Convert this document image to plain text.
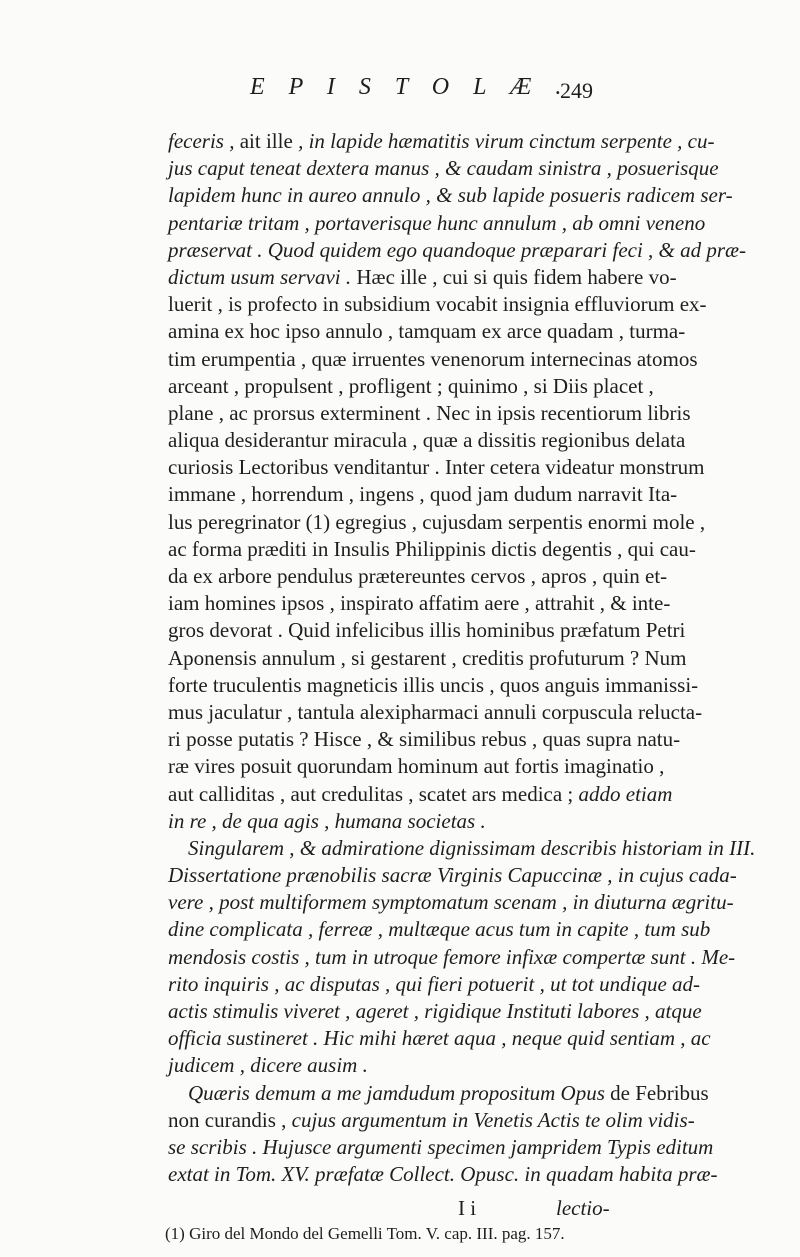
E P I S T O L Æ .
249
feceris , ait ille , in lapide hæmatitis virum cinctum serpente , cu-
jus caput teneat dextera manus , & caudam sinistra , posuerisque
lapidem hunc in aureo annulo , & sub lapide posueris radicem ser-
pentariæ tritam , portaverisque hunc annulum , ab omni veneno
præservat . Quod quidem ego quandoque præparari feci , & ad præ-
dictum usum servavi . Hæc ille , cui si quis fidem habere vo-
luerit , is profecto in subsidium vocabit insignia effluviorum ex-
amina ex hoc ipso annulo , tamquam ex arce quadam , turma-
tim erumpentia , quæ irruentes venenorum internecinas atomos
arceant , propulsent , profligent ; quinimo , si Diis placet ,
plane , ac prorsus exterminent . Nec in ipsis recentiorum libris
aliqua desiderantur miracula , quæ a dissitis regionibus delata
curiosis Lectoribus venditantur . Inter cetera videatur monstrum
immane , horrendum , ingens , quod jam dudum narravit Ita-
lus peregrinator (1) egregius , cujusdam serpentis enormi mole ,
ac forma præditi in Insulis Philippinis dictis degentis , qui cau-
da ex arbore pendulus prætereuntes cervos , apros , quin et-
iam homines ipsos , inspirato affatim aere , attrahit , & inte-
gros devorat . Quid infelicibus illis hominibus præfatum Petri
Aponensis annulum , si gestarent , creditis profuturum ? Num
forte truculentis magneticis illis uncis , quos anguis immanissi-
mus jaculatur , tantula alexipharmaci annuli corpuscula relucta-
ri posse putatis ? Hisce , & similibus rebus , quas supra natu-
ræ vires posuit quorundam hominum aut fortis imaginatio ,
aut calliditas , aut credulitas , scatet ars medica ; addo etiam
in re , de qua agis , humana societas .
Singularem , & admiratione dignissimam describis historiam in III.
Dissertatione prænobilis sacræ Virginis Capuccinæ , in cujus cada-
vere , post multiformem symptomatum scenam , in diuturna ægritu-
dine complicata , ferreæ , multæque acus tum in capite , tum sub
mendosis costis , tum in utroque femore infixæ compertæ sunt . Me-
rito inquiris , ac disputas , qui fieri potuerit , ut tot undique ad-
actis stimulis viveret , ageret , rigidique Instituti labores , atque
officia sustineret . Hic mihi hæret aqua , neque quid sentiam , ac
judicem , dicere ausim .
Quæris demum a me jamdudum propositum Opus de Febribus
non curandis , cujus argumentum in Venetis Actis te olim vidis-
se scribis . Hujusce argumenti specimen jampridem Typis editum
extat in Tom. XV. præfatæ Collect. Opusc. in quadam habita præ-
I i	lectio-
(1) Giro del Mondo del Gemelli Tom. V. cap. III. pag. 157.
